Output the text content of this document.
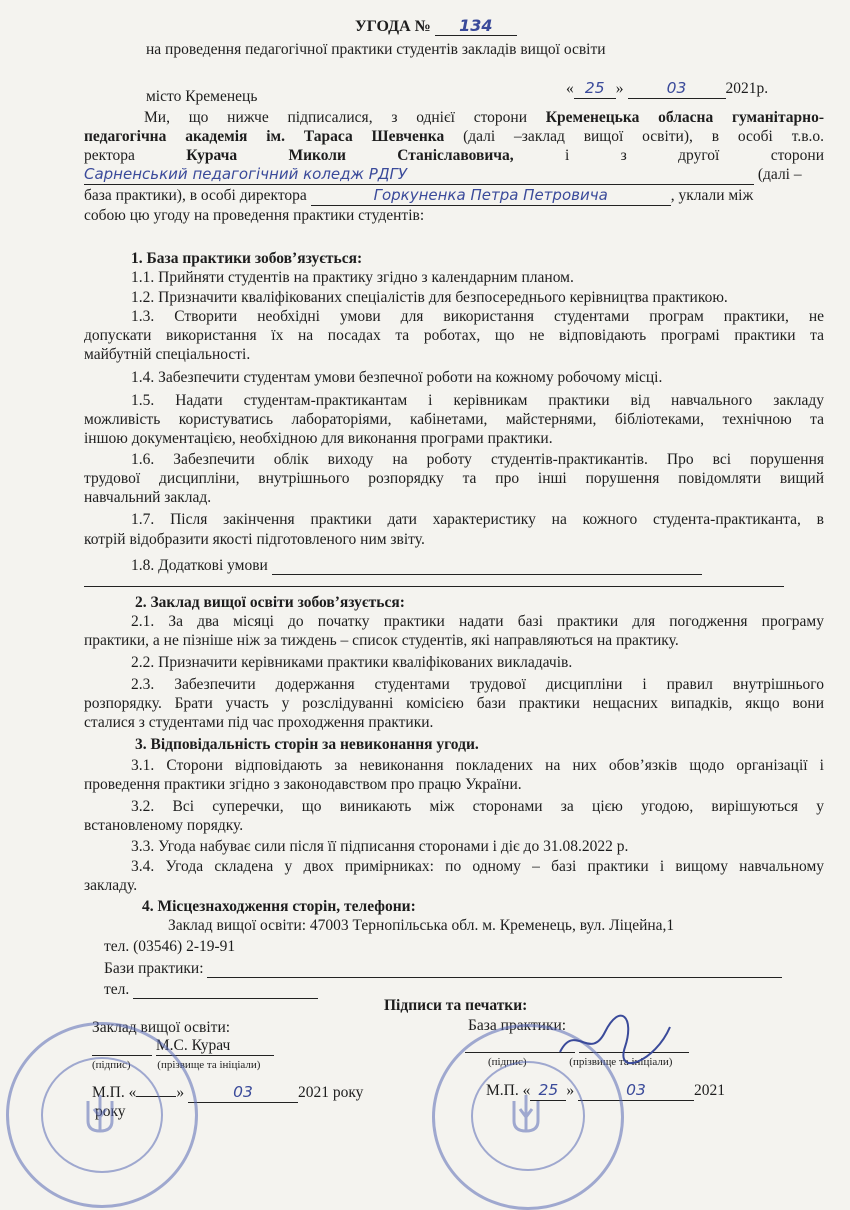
УГОДА № 134
на проведення педагогічної практики студентів закладів вищої освіти
місто Кременець	« 25 »	03	2021р.
Ми, що нижче підписалися, з однієї сторони Кременецька обласна гуманітарно-
педагогічна академія ім. Тараса Шевченка (далі –заклад вищої освіти), в особі т.в.о.
ректора	Курача Миколи Станіславовича,	і з другої сторони
Сарненський педагогічний коледж РДГУ	(далі –
база практики), в особі директора	Горкуненка Петра Петровича	, уклали між
собою цю угоду на проведення практики студентів:
1. База практики зобов’язується:
1.1. Прийняти студентів на практику згідно з календарним планом.
1.2. Призначити кваліфікованих спеціалістів для безпосереднього керівництва практикою.
1.3. Створити необхідні умови для використання студентами програм практики, не
допускати використання їх на посадах та роботах, що не відповідають програмі практики та
майбутній спеціальності.
1.4. Забезпечити студентам умови безпечної роботи на кожному робочому місці.
1.5. Надати студентам-практикантам і керівникам практики від навчального закладу
можливість користуватись лабораторіями, кабінетами, майстернями, бібліотеками, технічною та
іншою документацією, необхідною для виконання програми практики.
1.6. Забезпечити облік виходу на роботу студентів-практикантів. Про всі порушення
трудової дисципліни, внутрішнього розпорядку та про інші порушення повідомляти вищий
навчальний заклад.
1.7. Після закінчення практики дати характеристику на кожного студента-практиканта, в
котрій відобразити якості підготовленого ним звіту.
1.8. Додаткові умови
2. Заклад вищої освіти зобов’язується:
2.1. За два місяці до початку практики надати базі практики для погодження програму
практики, а не пізніше ніж за тиждень – список студентів, які направляються на практику.
2.2. Призначити керівниками практики кваліфікованих викладачів.
2.3. Забезпечити додержання студентами трудової дисципліни і правил внутрішнього
розпорядку. Брати участь у розслідуванні комісією бази практики нещасних випадків, якщо вони
сталися з студентами під час проходження практики.
3. Відповідальність сторін за невиконання угоди.
3.1. Сторони відповідають за невиконання покладених на них обов’язків щодо організації і
проведення практики згідно з законодавством про працю України.
3.2. Всі суперечки, що виникають між сторонами за цією угодою, вирішуються у
встановленому порядку.
3.3. Угода набуває сили після її підписання сторонами і діє до 31.08.2022 р.
3.4. Угода складена у двох примірниках: по одному – базі практики і вищому навчальному
закладу.
4. Місцезнаходження сторін, телефони:
Заклад вищої освіти: 47003 Тернопільська обл. м. Кременець, вул. Ліцейна,1
тел. (03546) 2-19-91
Бази практики:
тел.
Підписи та печатки:
Заклад вищої освіти:
М.С. Курач
(підпис) (прізвище та ініціали)
М.П. «	»	03	2021 року
року
База практики:

(підпис)	(прізвище та ініціали)
М.П. « 25 »	03	2021
